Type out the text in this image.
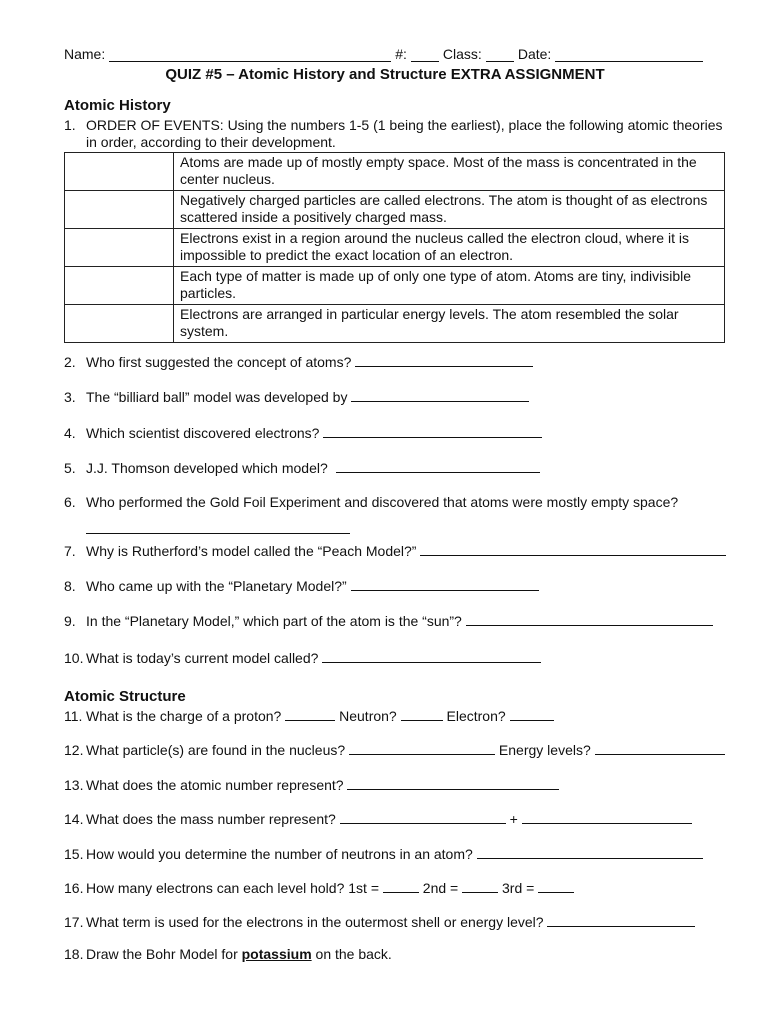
Name:	#:	Class:	Date:
QUIZ #5 – Atomic History and Structure EXTRA ASSIGNMENT
Atomic History
1. ORDER OF EVENTS: Using the numbers 1-5 (1 being the earliest), place the following atomic theories in order, according to their development.
	Atoms are made up of mostly empty space. Most of the mass is concentrated in the center nucleus.
	Negatively charged particles are called electrons. The atom is thought of as electrons scattered inside a positively charged mass.
	Electrons exist in a region around the nucleus called the electron cloud, where it is impossible to predict the exact location of an electron.
	Each type of matter is made up of only one type of atom. Atoms are tiny, indivisible particles.
	Electrons are arranged in particular energy levels. The atom resembled the solar system.
2. Who first suggested the concept of atoms?
3. The “billiard ball” model was developed by
4. Which scientist discovered electrons?
5. J.J. Thomson developed which model?
6. Who performed the Gold Foil Experiment and discovered that atoms were mostly empty space?
7. Why is Rutherford’s model called the “Peach Model?”
8. Who came up with the “Planetary Model?”
9. In the “Planetary Model,” which part of the atom is the “sun”?
10. What is today’s current model called?
Atomic Structure
11. What is the charge of a proton?	Neutron?	Electron?
12. What particle(s) are found in the nucleus?	Energy levels?
13. What does the atomic number represent?
14. What does the mass number represent?	+
15. How would you determine the number of neutrons in an atom?
16. How many electrons can each level hold? 1st =	2nd =	3rd =
17. What term is used for the electrons in the outermost shell or energy level?
18. Draw the Bohr Model for potassium on the back.
